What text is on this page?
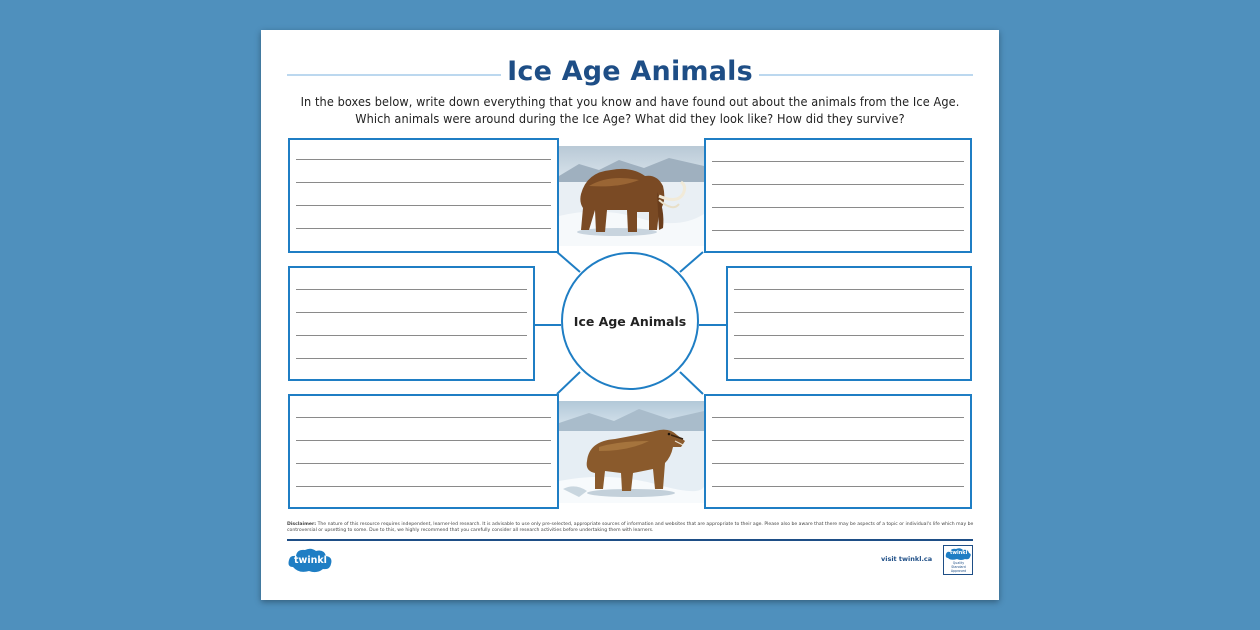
Ice Age Animals
In the boxes below, write down everything that you know and have found out about the animals from the Ice Age.
Which animals were around during the Ice Age? What did they look like? How did they survive?
Ice Age Animals
Disclaimer: The nature of this resource requires independent, learner-led research. It is advisable to use only pre-selected, appropriate sources of information and websites that are appropriate to their age. Please also be aware that there may be aspects of a topic or individual's life which may be controversial or upsetting to some. Due to this, we highly recommend that you carefully consider all research activities before undertaking them with learners.
twinkl	visit twinkl.ca
twinkl
Quality Standard Approved
